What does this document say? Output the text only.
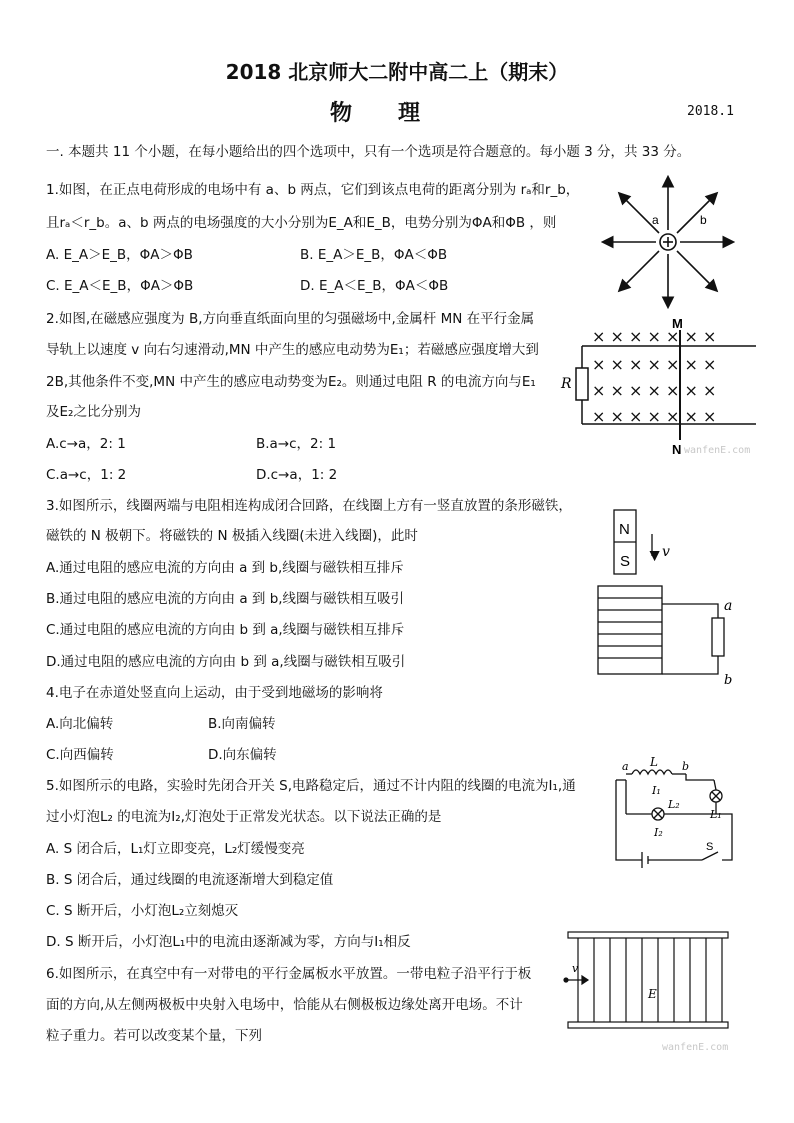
2018 北京师大二附中高二上（期末）
物理	2018.1
一. 本题共 11 个小题，在每小题给出的四个选项中，只有一个选项是符合题意的。每小题 3 分，共 33 分。
1.如图，在正点电荷形成的电场中有 a、b 两点，它们到该点电荷的距离分别为 rₐ和r_b，
且rₐ＜r_b。a、b 两点的电场强度的大小分别为E_A和E_B，电势分别为ΦA和ΦB ，则
A. E_A＞E_B，ΦA＞ΦB	B. E_A＞E_B，ΦA＜ΦB
C. E_A＜E_B，ΦA＞ΦB	D. E_A＜E_B，ΦA＜ΦB
2.如图,在磁感应强度为 B,方向垂直纸面向里的匀强磁场中,金属杆 MN 在平行金属
导轨上以速度 v 向右匀速滑动,MN 中产生的感应电动势为E₁；若磁感应强度增大到
2B,其他条件不变,MN 中产生的感应电动势变为E₂。则通过电阻 R 的电流方向与E₁
及E₂之比分别为
A.c→a，2: 1	B.a→c，2: 1
C.a→c，1: 2	D.c→a，1: 2
3.如图所示，线圈两端与电阻相连构成闭合回路，在线圈上方有一竖直放置的条形磁铁，
磁铁的 N 极朝下。将磁铁的 N 极插入线圈(未进入线圈)，此时
A.通过电阻的感应电流的方向由 a 到 b,线圈与磁铁相互排斥
B.通过电阻的感应电流的方向由 a 到 b,线圈与磁铁相互吸引
C.通过电阻的感应电流的方向由 b 到 a,线圈与磁铁相互排斥
D.通过电阻的感应电流的方向由 b 到 a,线圈与磁铁相互吸引
4.电子在赤道处竖直向上运动，由于受到地磁场的影响将
A.向北偏转	B.向南偏转
C.向西偏转	D.向东偏转
5.如图所示的电路，实验时先闭合开关 S,电路稳定后，通过不计内阻的线圈的电流为I₁,通
过小灯泡L₂ 的电流为I₂,灯泡处于正常发光状态。以下说法正确的是
A. S 闭合后，L₁灯立即变亮，L₂灯缓慢变亮
B. S 闭合后，通过线圈的电流逐渐增大到稳定值
C. S 断开后，小灯泡L₂立刻熄灭
D. S 断开后，小灯泡L₁中的电流由逐渐减为零，方向与I₁相反
6.如图所示，在真空中有一对带电的平行金属板水平放置。一带电粒子沿平行于板
面的方向,从左侧两极板中央射入电场中，恰能从右侧极板边缘处离开电场。不计
粒子重力。若可以改变某个量，下列
a	b
× × × × × × ×
× × × × × × ×
× × × × × × ×
× × × × × × ×
M
N
R
wanfenE.com
N
S
v
a
b
L
a	b
I₁
L₂
I₂
L₁
S
v
E
wanfenE.com
